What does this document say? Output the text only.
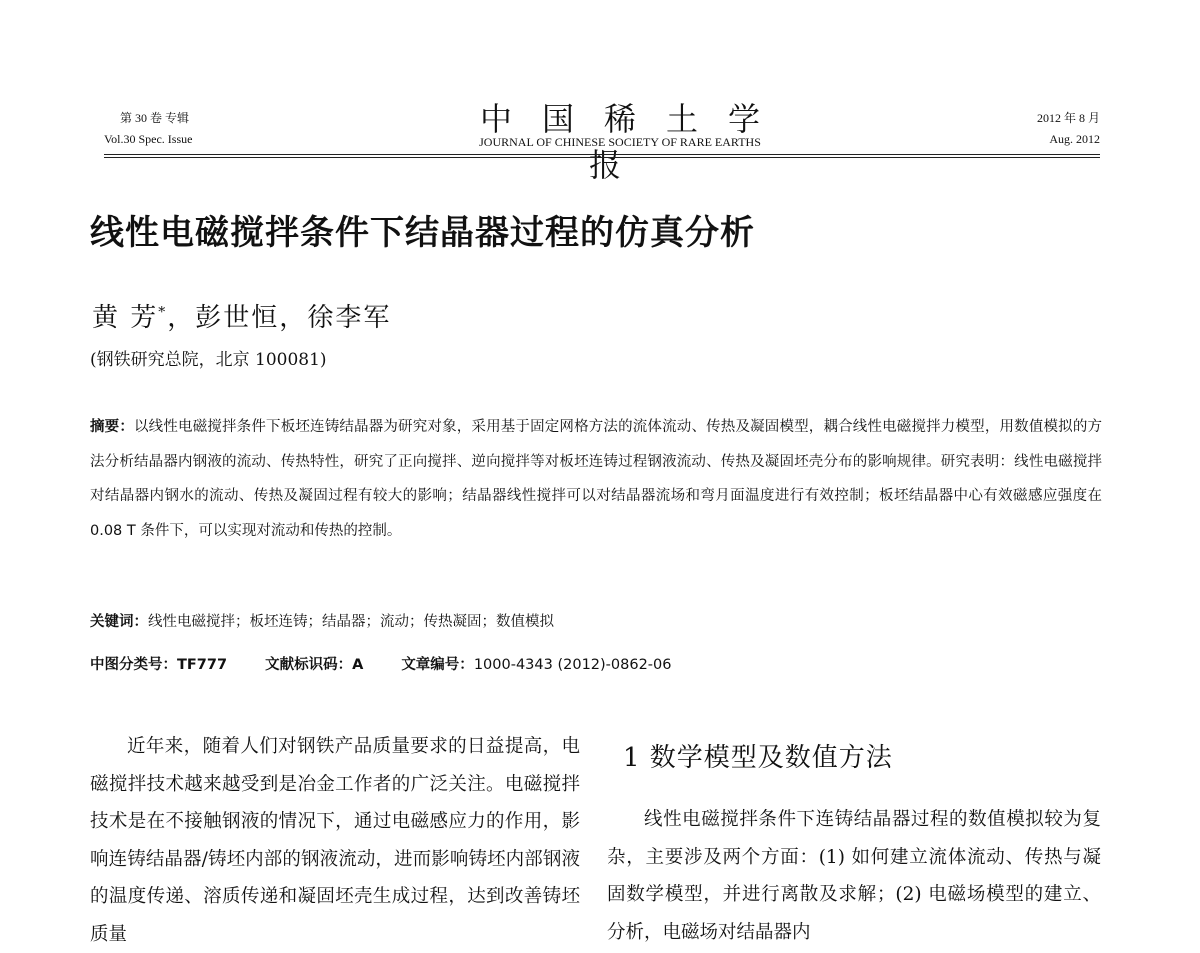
第 30 卷 专辑
Vol.30 Spec. Issue
中国稀土学报
JOURNAL OF CHINESE SOCIETY OF RARE EARTHS
2012 年 8 月
Aug. 2012
线性电磁搅拌条件下结晶器过程的仿真分析
黄 芳*，彭世恒，徐李军
(钢铁研究总院，北京 100081)
摘要：以线性电磁搅拌条件下板坯连铸结晶器为研究对象，采用基于固定网格方法的流体流动、传热及凝固模型，耦合线性电磁搅拌力模型，用数值模拟的方法分析结晶器内钢液的流动、传热特性，研究了正向搅拌、逆向搅拌等对板坯连铸过程钢液流动、传热及凝固坯壳分布的影响规律。研究表明：线性电磁搅拌对结晶器内钢水的流动、传热及凝固过程有较大的影响；结晶器线性搅拌可以对结晶器流场和弯月面温度进行有效控制；板坯结晶器中心有效磁感应强度在 0.08 T 条件下，可以实现对流动和传热的控制。
关键词：线性电磁搅拌；板坯连铸；结晶器；流动；传热凝固；数值模拟
中图分类号：TF777	文献标识码：A	文章编号：1000-4343 (2012)-0862-06

近年来，随着人们对钢铁产品质量要求的日益提高，电磁搅拌技术越来越受到是冶金工作者的广泛关注。电磁搅拌技术是在不接触钢液的情况下，通过电磁感应力的作用，影响连铸结晶器/铸坯内部的钢液流动，进而影响铸坯内部钢液的温度传递、溶质传递和凝固坯壳生成过程，达到改善铸坯质量

1 数学模型及数值方法

线性电磁搅拌条件下连铸结晶器过程的数值模拟较为复杂，主要涉及两个方面：(1) 如何建立流体流动、传热与凝固数学模型，并进行离散及求解；(2) 电磁场模型的建立、分析，电磁场对结晶器内
